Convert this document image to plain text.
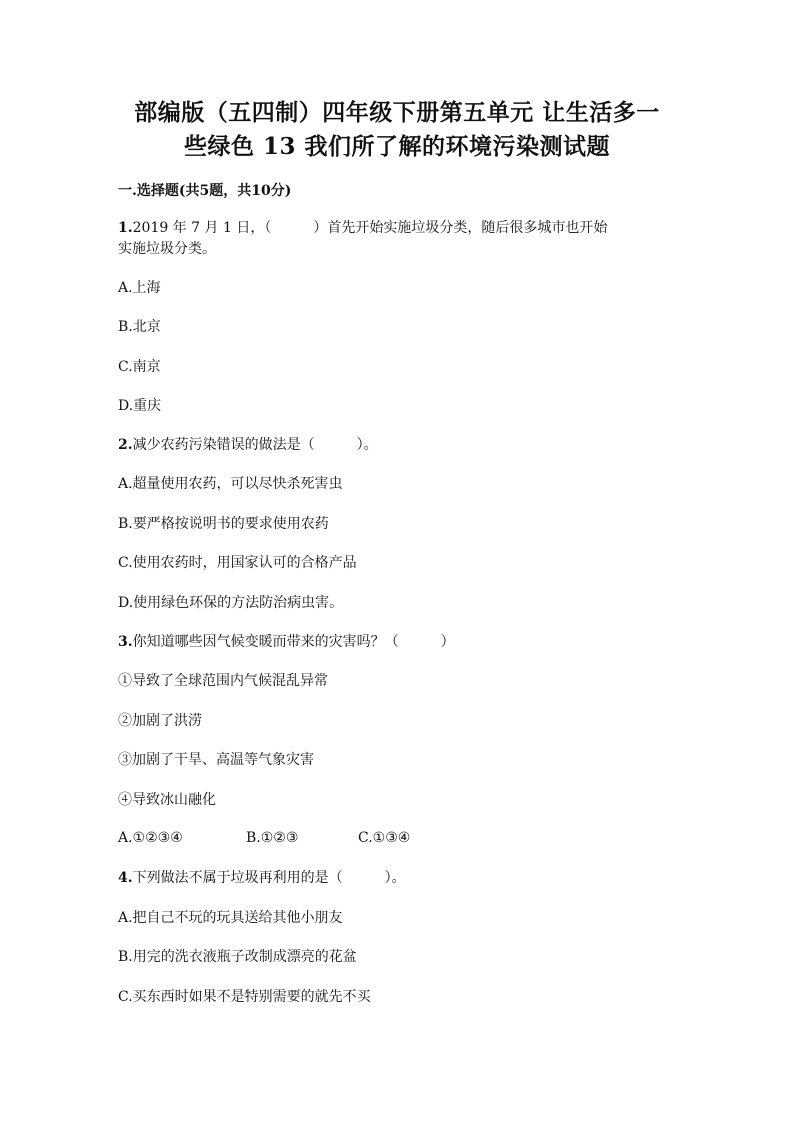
部编版（五四制）四年级下册第五单元 让生活多一
些绿色 13 我们所了解的环境污染测试题
一.选择题(共5题，共10分)
1.2019 年 7 月 1 日，（　　　）首先开始实施垃圾分类，随后很多城市也开始
实施垃圾分类。
A.上海
B.北京
C.南京
D.重庆
2.减少农药污染错误的做法是（　　　）。
A.超量使用农药，可以尽快杀死害虫
B.要严格按说明书的要求使用农药
C.使用农药时，用国家认可的合格产品
D.使用绿色环保的方法防治病虫害。
3.你知道哪些因气候变暖而带来的灾害吗？（　　　）
①导致了全球范围内气候混乱异常
②加剧了洪涝
③加剧了干旱、高温等气象灾害
④导致冰山融化
A.①②③④	B.①②③	C.①③④
4.下列做法不属于垃圾再利用的是（　　　）。
A.把自己不玩的玩具送给其他小朋友
B.用完的洗衣液瓶子改制成漂亮的花盆
C.买东西时如果不是特别需要的就先不买
